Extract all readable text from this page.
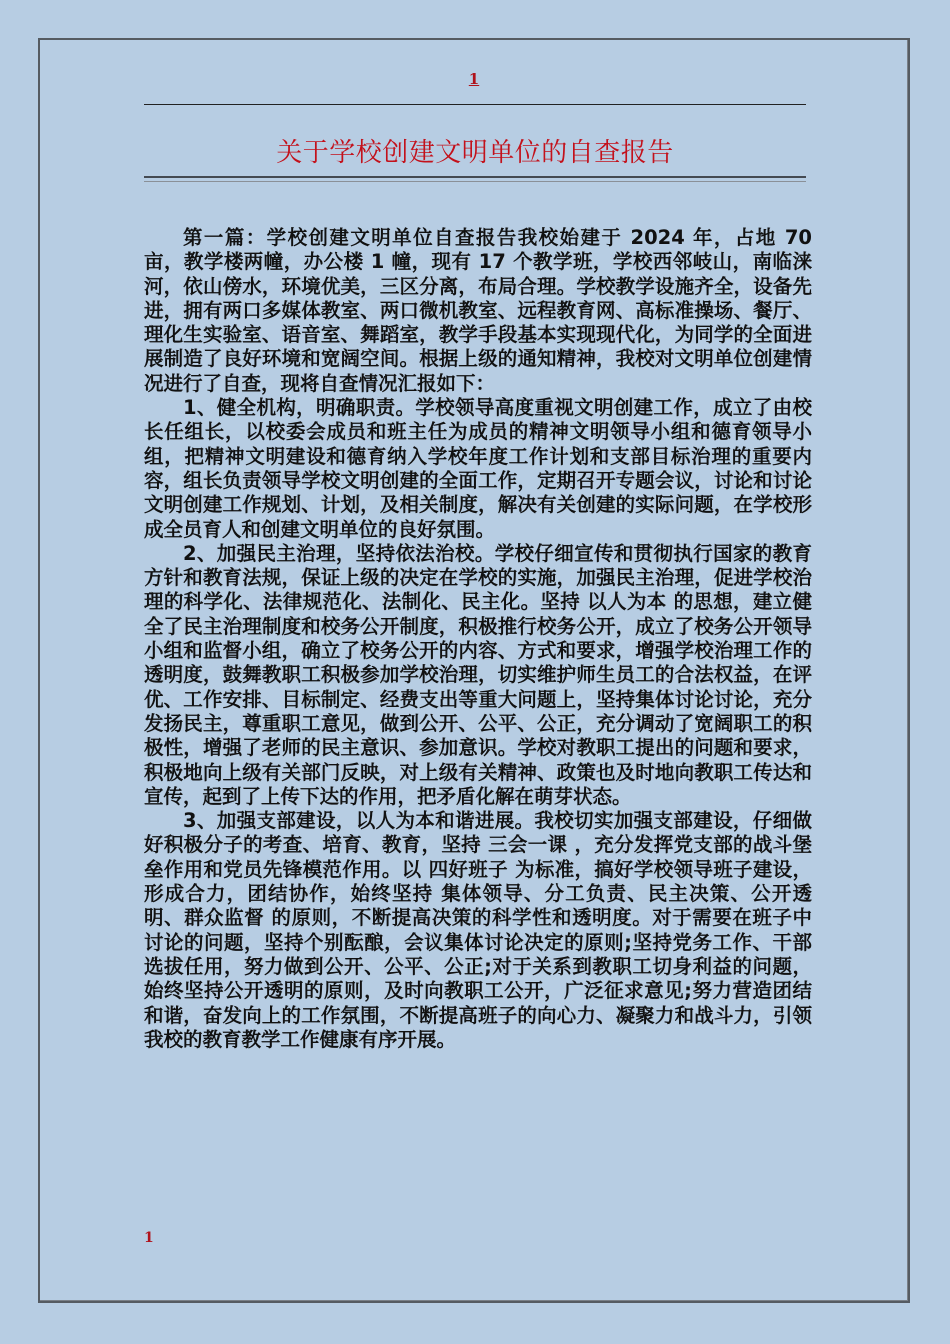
1
关于学校创建文明单位的自查报告

第一篇：学校创建文明单位自查报告我校始建于 2024 年，占地 70 亩，教学楼两幢，办公楼 1 幢，现有 17 个教学班，学校西邻岐山，南临涞河，依山傍水，环境优美，三区分离，布局合理。学校教学设施齐全，设备先进，拥有两口多媒体教室、两口微机教室、远程教育网、高标准操场、餐厅、理化生实验室、语音室、舞蹈室，教学手段基本实现现代化，为同学的全面进展制造了良好环境和宽阔空间。根据上级的通知精神，我校对文明单位创建情况进行了自查，现将自查情况汇报如下：

1、健全机构，明确职责。学校领导高度重视文明创建工作，成立了由校长任组长，以校委会成员和班主任为成员的精神文明领导小组和德育领导小组，把精神文明建设和德育纳入学校年度工作计划和支部目标治理的重要内容，组长负责领导学校文明创建的全面工作，定期召开专题会议，讨论和讨论文明创建工作规划、计划，及相关制度，解决有关创建的实际问题，在学校形成全员育人和创建文明单位的良好氛围。

2、加强民主治理，坚持依法治校。学校仔细宣传和贯彻执行国家的教育方针和教育法规，保证上级的决定在学校的实施，加强民主治理，促进学校治理的科学化、法律规范化、法制化、民主化。坚持 以人为本 的思想，建立健全了民主治理制度和校务公开制度，积极推行校务公开，成立了校务公开领导小组和监督小组，确立了校务公开的内容、方式和要求，增强学校治理工作的透明度，鼓舞教职工积极参加学校治理，切实维护师生员工的合法权益，在评优、工作安排、目标制定、经费支出等重大问题上，坚持集体讨论讨论，充分发扬民主，尊重职工意见，做到公开、公平、公正，充分调动了宽阔职工的积极性，增强了老师的民主意识、参加意识。学校对教职工提出的问题和要求，积极地向上级有关部门反映，对上级有关精神、政策也及时地向教职工传达和宣传，起到了上传下达的作用，把矛盾化解在萌芽状态。

3、加强支部建设，以人为本和谐进展。我校切实加强支部建设，仔细做好积极分子的考查、培育、教育，坚持 三会一课 ，充分发挥党支部的战斗堡垒作用和党员先锋模范作用。以 四好班子 为标准，搞好学校领导班子建设，形成合力，团结协作，始终坚持 集体领导、分工负责、民主决策、公开透明、群众监督 的原则，不断提高决策的科学性和透明度。对于需要在班子中讨论的问题，坚持个别酝酿，会议集体讨论决定的原则;坚持党务工作、干部选拔任用，努力做到公开、公平、公正;对于关系到教职工切身利益的问题，始终坚持公开透明的原则，及时向教职工公开，广泛征求意见;努力营造团结和谐，奋发向上的工作氛围，不断提高班子的向心力、凝聚力和战斗力，引领我校的教育教学工作健康有序开展。

1
